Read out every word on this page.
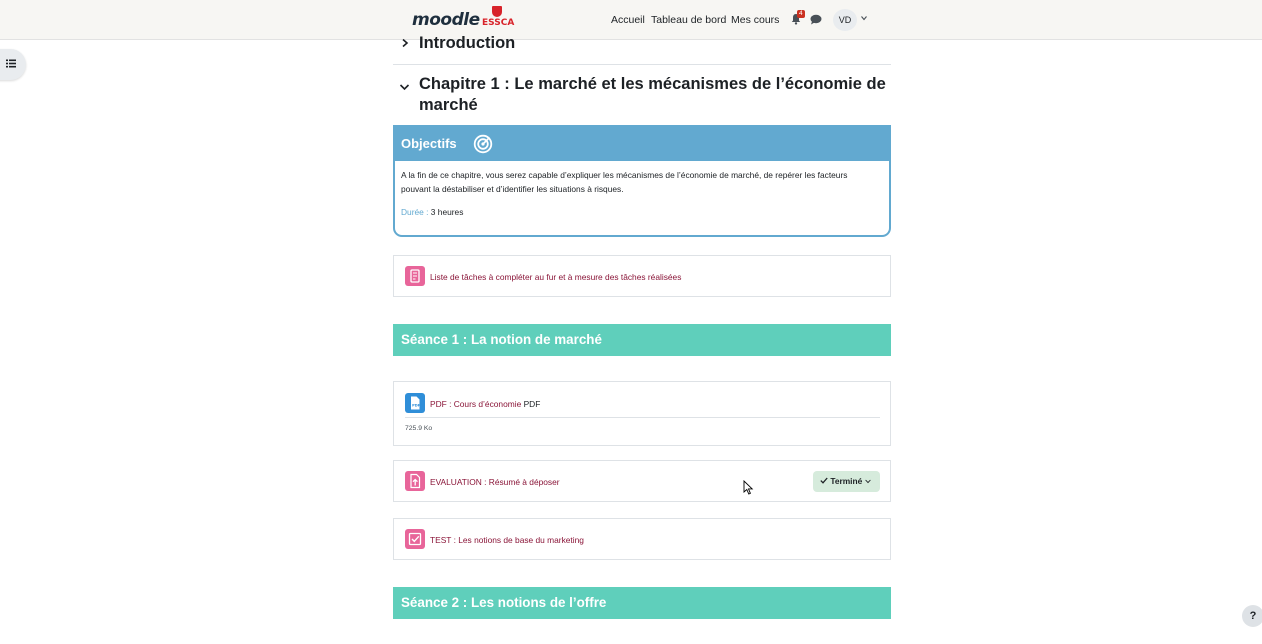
moodle ESSCA	Accueil Tableau de bord Mes cours
4
VD
Introduction
Chapitre 1 : Le marché et les mécanismes de l’économie de marché
Objectifs
A la fin de ce chapitre, vous serez capable d’expliquer les mécanismes de l’économie de marché, de repérer les facteurs pouvant la déstabiliser et d’identifier les situations à risques.
Durée : 3 heures
Liste de tâches à compléter au fur et à mesure des tâches réalisées
Séance 1 : La notion de marché
PDF PDF : Cours d’économie PDF
725.9 Ko
EVALUATION : Résumé à déposer	Terminé
TEST : Les notions de base du marketing
Séance 2 : Les notions de l’offre
?
